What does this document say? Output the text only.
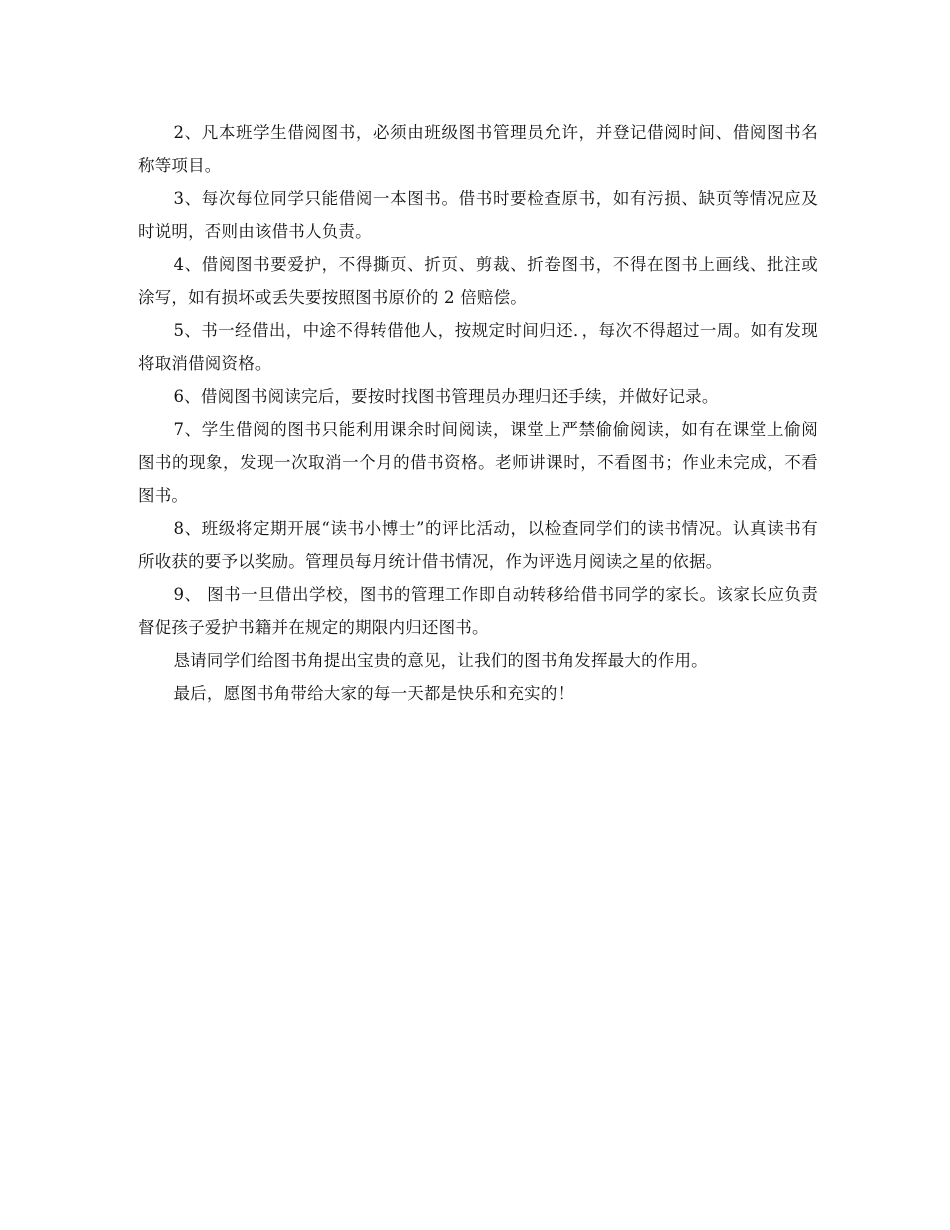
2、凡本班学生借阅图书，必须由班级图书管理员允许，并登记借阅时间、借阅图书名称等项目。

3、每次每位同学只能借阅一本图书。借书时要检查原书，如有污损、缺页等情况应及时说明，否则由该借书人负责。

4、借阅图书要爱护，不得撕页、折页、剪裁、折卷图书，不得在图书上画线、批注或涂写，如有损坏或丢失要按照图书原价的 2 倍赔偿。

5、书一经借出，中途不得转借他人，按规定时间归还．，每次不得超过一周。如有发现将取消借阅资格。

6、借阅图书阅读完后，要按时找图书管理员办理归还手续，并做好记录。

7、学生借阅的图书只能利用课余时间阅读，课堂上严禁偷偷阅读，如有在课堂上偷阅图书的现象，发现一次取消一个月的借书资格。老师讲课时，不看图书；作业未完成，不看图书。

8、班级将定期开展“读书小博士”的评比活动，以检查同学们的读书情况。认真读书有所收获的要予以奖励。管理员每月统计借书情况，作为评选月阅读之星的依据。

9、 图书一旦借出学校，图书的管理工作即自动转移给借书同学的家长。该家长应负责督促孩子爱护书籍并在规定的期限内归还图书。

恳请同学们给图书角提出宝贵的意见，让我们的图书角发挥最大的作用。

最后，愿图书角带给大家的每一天都是快乐和充实的！
